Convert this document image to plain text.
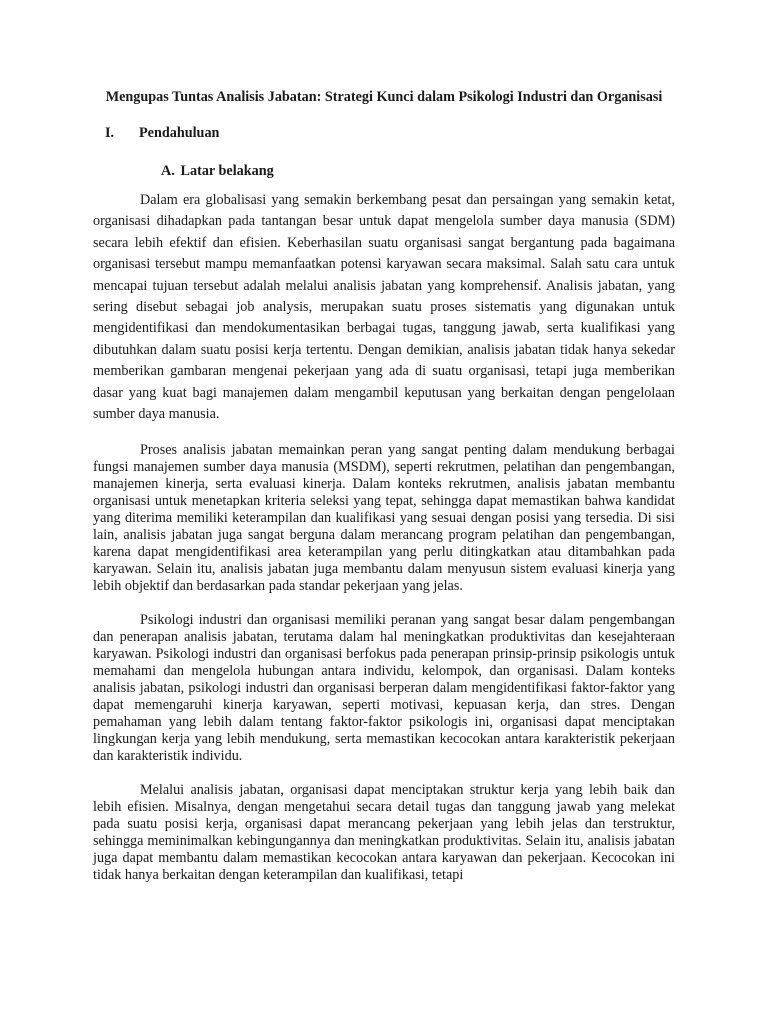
Mengupas Tuntas Analisis Jabatan: Strategi Kunci dalam Psikologi Industri dan Organisasi
I.	Pendahuluan
A. Latar belakang

Dalam era globalisasi yang semakin berkembang pesat dan persaingan yang semakin ketat, organisasi dihadapkan pada tantangan besar untuk dapat mengelola sumber daya manusia (SDM) secara lebih efektif dan efisien. Keberhasilan suatu organisasi sangat bergantung pada bagaimana organisasi tersebut mampu memanfaatkan potensi karyawan secara maksimal. Salah satu cara untuk mencapai tujuan tersebut adalah melalui analisis jabatan yang komprehensif. Analisis jabatan, yang sering disebut sebagai job analysis, merupakan suatu proses sistematis yang digunakan untuk mengidentifikasi dan mendokumentasikan berbagai tugas, tanggung jawab, serta kualifikasi yang dibutuhkan dalam suatu posisi kerja tertentu. Dengan demikian, analisis jabatan tidak hanya sekedar memberikan gambaran mengenai pekerjaan yang ada di suatu organisasi, tetapi juga memberikan dasar yang kuat bagi manajemen dalam mengambil keputusan yang berkaitan dengan pengelolaan sumber daya manusia.

Proses analisis jabatan memainkan peran yang sangat penting dalam mendukung berbagai fungsi manajemen sumber daya manusia (MSDM), seperti rekrutmen, pelatihan dan pengembangan, manajemen kinerja, serta evaluasi kinerja. Dalam konteks rekrutmen, analisis jabatan membantu organisasi untuk menetapkan kriteria seleksi yang tepat, sehingga dapat memastikan bahwa kandidat yang diterima memiliki keterampilan dan kualifikasi yang sesuai dengan posisi yang tersedia. Di sisi lain, analisis jabatan juga sangat berguna dalam merancang program pelatihan dan pengembangan, karena dapat mengidentifikasi area keterampilan yang perlu ditingkatkan atau ditambahkan pada karyawan. Selain itu, analisis jabatan juga membantu dalam menyusun sistem evaluasi kinerja yang lebih objektif dan berdasarkan pada standar pekerjaan yang jelas.

Psikologi industri dan organisasi memiliki peranan yang sangat besar dalam pengembangan dan penerapan analisis jabatan, terutama dalam hal meningkatkan produktivitas dan kesejahteraan karyawan. Psikologi industri dan organisasi berfokus pada penerapan prinsip-prinsip psikologis untuk memahami dan mengelola hubungan antara individu, kelompok, dan organisasi. Dalam konteks analisis jabatan, psikologi industri dan organisasi berperan dalam mengidentifikasi faktor-faktor yang dapat memengaruhi kinerja karyawan, seperti motivasi, kepuasan kerja, dan stres. Dengan pemahaman yang lebih dalam tentang faktor-faktor psikologis ini, organisasi dapat menciptakan lingkungan kerja yang lebih mendukung, serta memastikan kecocokan antara karakteristik pekerjaan dan karakteristik individu.

Melalui analisis jabatan, organisasi dapat menciptakan struktur kerja yang lebih baik dan lebih efisien. Misalnya, dengan mengetahui secara detail tugas dan tanggung jawab yang melekat pada suatu posisi kerja, organisasi dapat merancang pekerjaan yang lebih jelas dan terstruktur, sehingga meminimalkan kebingungannya dan meningkatkan produktivitas. Selain itu, analisis jabatan juga dapat membantu dalam memastikan kecocokan antara karyawan dan pekerjaan. Kecocokan ini tidak hanya berkaitan dengan keterampilan dan kualifikasi, tetapi
